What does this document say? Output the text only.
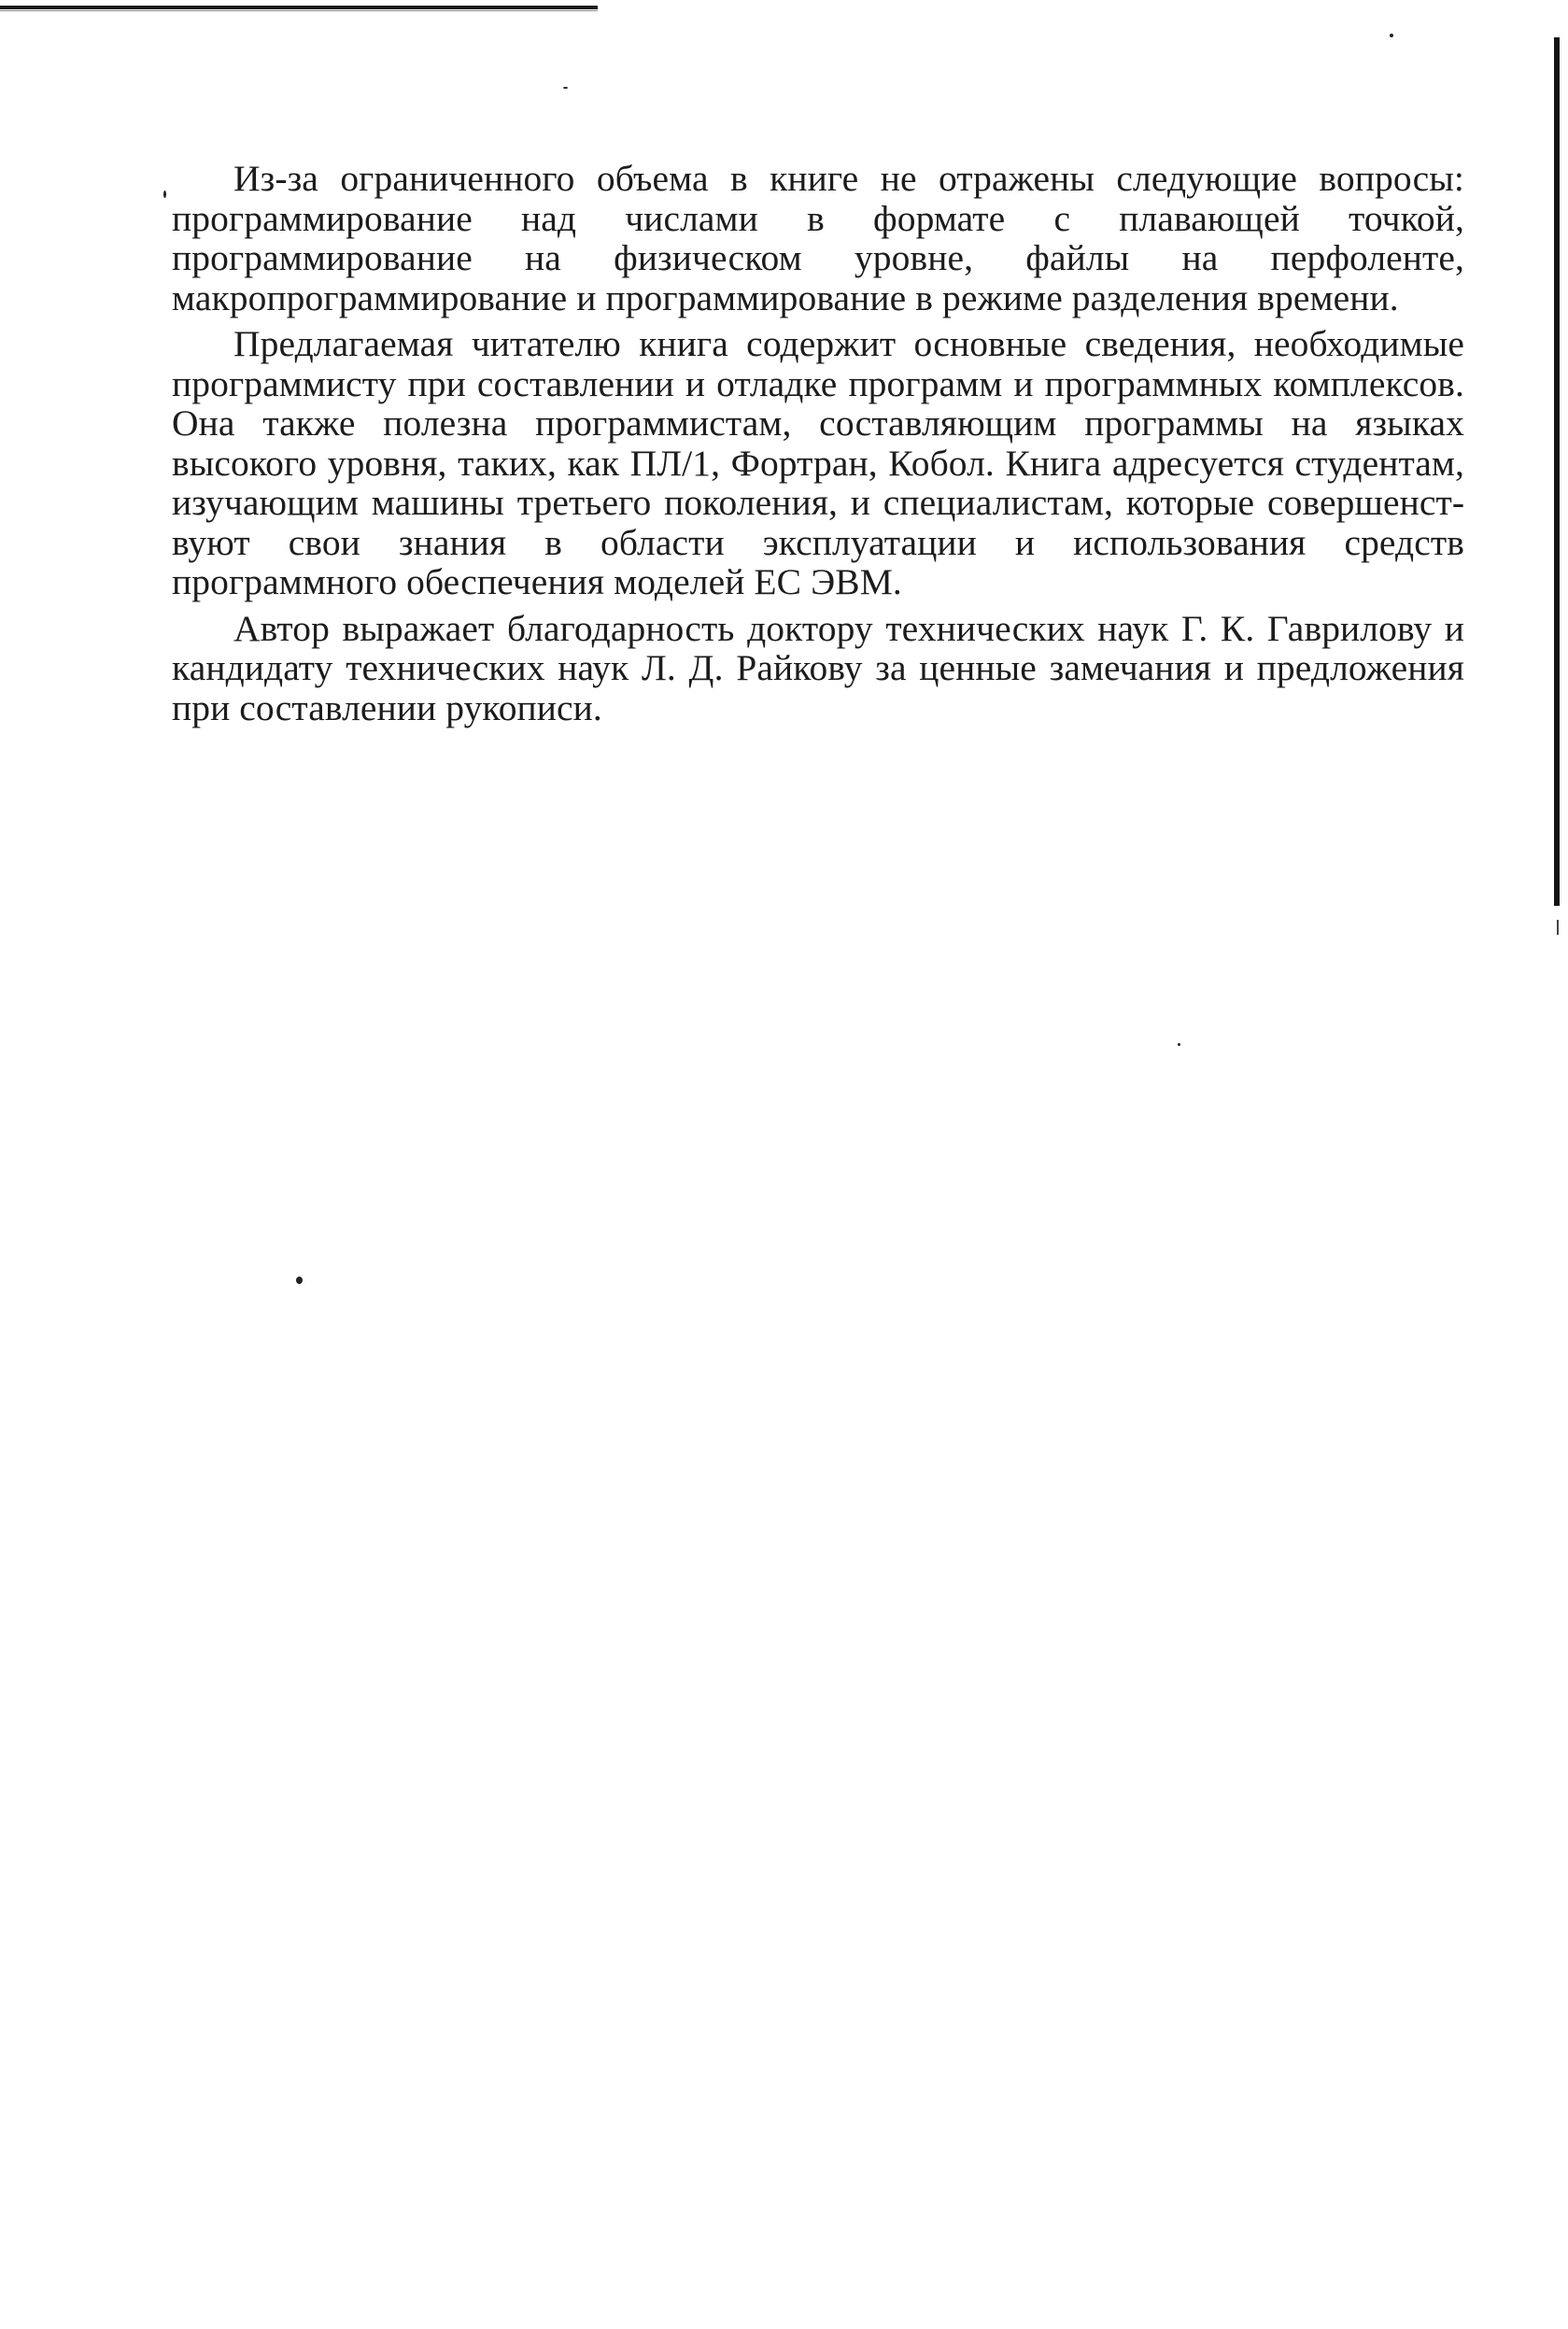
Из-за ограниченного объема в книге не отражены следующие вопросы: программирование над числами в формате с плавающей точкой, программирование на физическом уровне, файлы на перфоленте, макропрограммирование и программирование в режиме разделения времени.

Предлагаемая читателю книга содержит основные сведения, необходимые программисту при составлении и отладке программ и программных комплексов. Она также полезна программистам, составляющим программы на языках высокого уровня, таких, как ПЛ/1, Фортран, Кобол. Книга адресуется студентам, изучающим машины третьего поколения, и специалистам, которые совершенствуют свои знания в области эксплуатации и использования средств программного обеспечения моделей ЕС ЭВМ.

Автор выражает благодарность доктору технических наук Г. К. Гаврилову и кандидату технических наук Л. Д. Райкову за ценные замечания и предложения при составлении рукописи.
